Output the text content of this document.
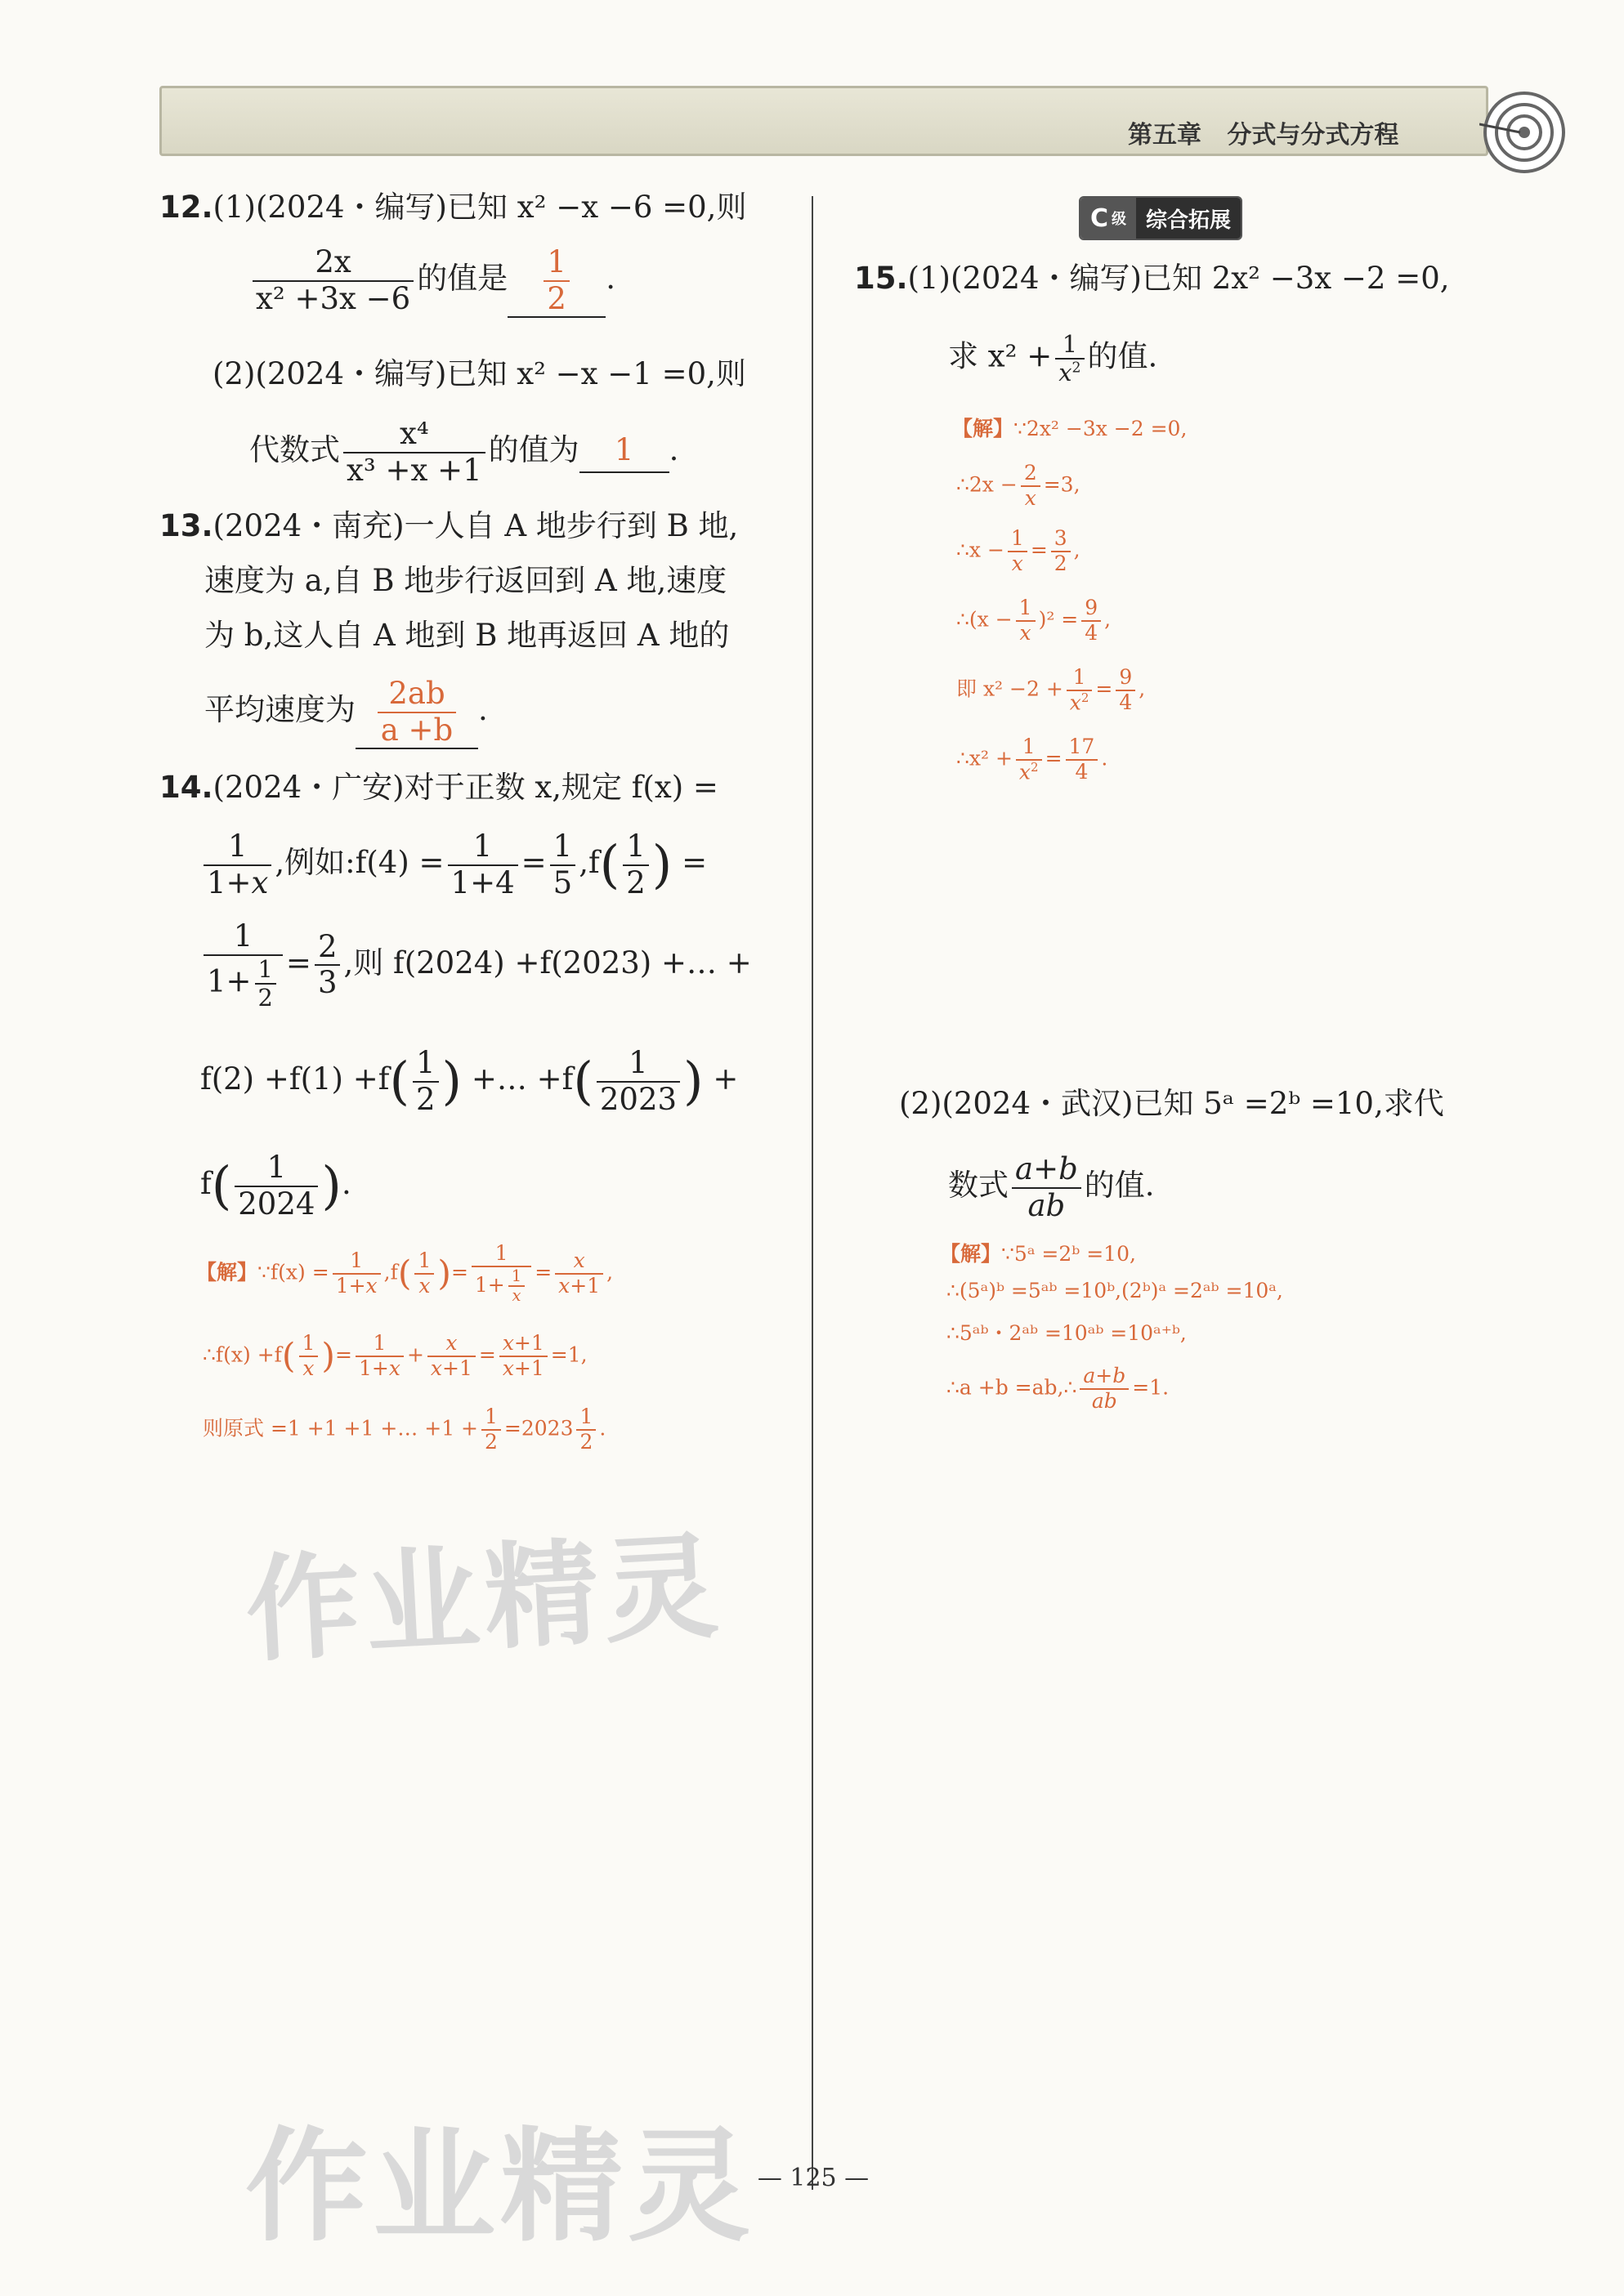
第五章 分式与分式方程
12.(1)(2024・编写)已知 x² −x −6 =0,则
$\frac{2x}{\text{x² +3x −6}}$ 的值是 $\frac{1}{2}$ .
(2)(2024・编写)已知 x² −x −1 =0,则
代数式 $\frac{\text{x⁴}}{\text{x³ +x +1}}$ 的值为 1 .
13.(2024・南充)一人自 A 地步行到 B 地,
速度为 a,自 B 地步行返回到 A 地,速度
为 b,这人自 A 地到 B 地再返回 A 地的
平均速度为 $\frac{2ab}{a +b}$ .
14.(2024・广安)对于正数 x,规定 f(x) =
$\frac{1}{1+x}$ ,例如:f(4) = $\frac{1}{1+4} = \frac{1}{5} ,f( \frac{1}{2}$ ) =
$\frac{1}{1+ \frac{1}{2}} = \frac{2}{3}$ ,则 f(2024) +f(2023) +… +
$f(2) +f(1) +f( \frac{1}{2}$ ) +… $+f( \frac{1}{2023}$ ) +
$f( \frac{1}{2024}$ ).
【解】∵f(x) = $\frac{1}{1+x} ,f( \frac{1}{x}$ )= $\frac{1}{1+ \frac{1}{x}} = \frac{x}{x+1}$ ,
∴f(x) $+f( \frac{1}{x}$ )= $\frac{1}{1+x} + \frac{x}{x+1} = \frac{x+1}{x+1} =1$,
则原式 =1 +1 +1 +… $+1 + \frac{1}{2} =2023 \frac{1}{2}$ .
作业精灵
作业精灵
C 级 综合拓展
15.(1)(2024・编写)已知 2x² −3x −2 =0,
求 $x^2 + \frac{1}{x^2}$ 的值.
【解】∵2x² −3x −2 =0,
∴2x − $\frac{2}{x} =3$,
∴x − $\frac{1}{x} = \frac{3}{2}$ ,
∴(x − $\frac{1}{x} )^2 = \frac{9}{4}$ ,
即 $x^2 -2 + \frac{1}{x^2} = \frac{9}{4}$ ,
∴x² + $\frac{1}{x^2} = \frac{17}{4}$ .
(2)(2024・武汉)已知 5ᵃ =2ᵇ =10,求代
数式 $\frac{a+b}{ab}$ 的值.
【解】∵5ᵃ =2ᵇ =10,
∴(5ᵃ)ᵇ =5ᵃᵇ =10ᵇ,(2ᵇ)ᵃ =2ᵃᵇ =10ᵃ,
∴5ᵃᵇ・2ᵃᵇ =10ᵃᵇ =10ᵃ⁺ᵇ,
∴a +b =ab,∴ $\frac{a+b}{ab} =1$.
— 125 —
